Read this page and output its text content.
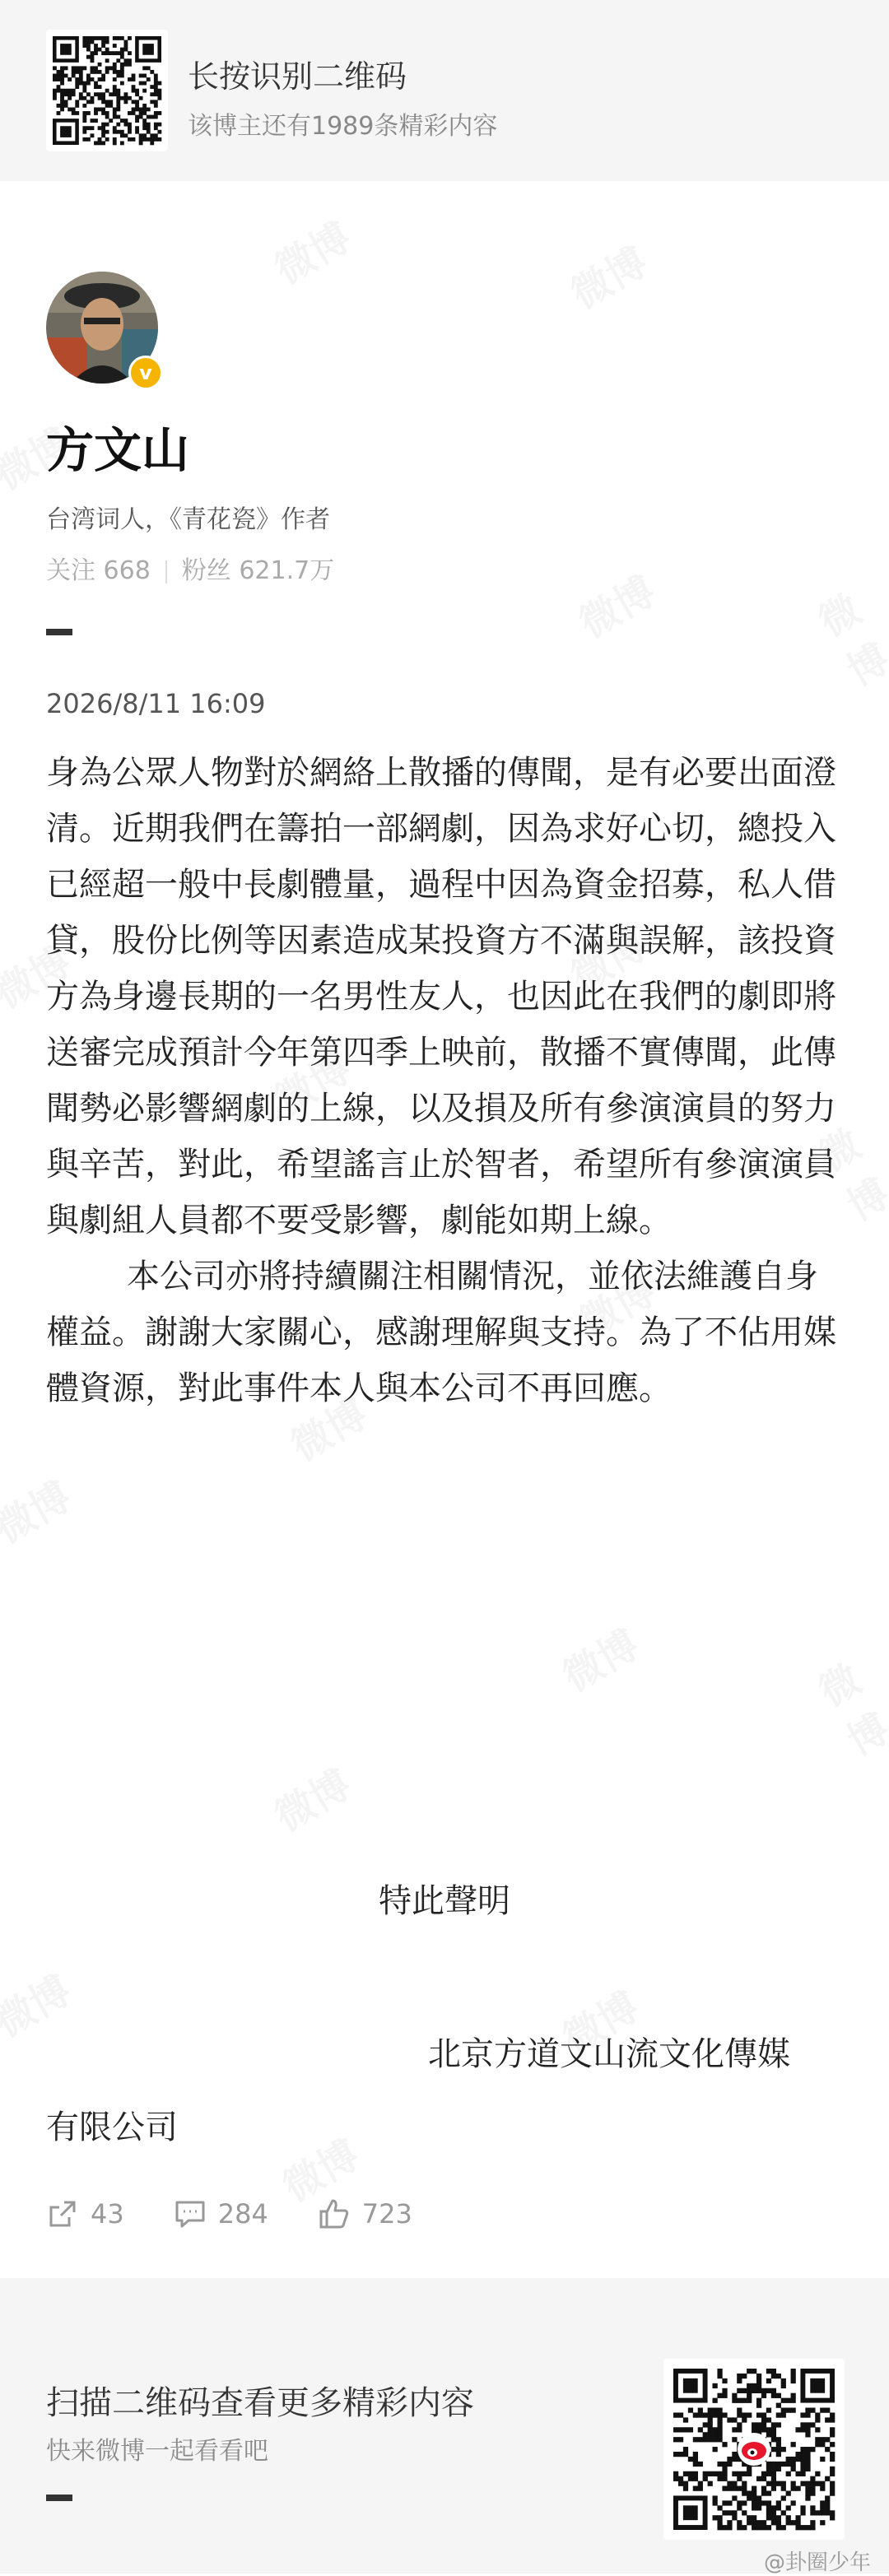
长按识别二维码
该博主还有1989条精彩内容
v
方文山
台湾词人，《青花瓷》作者
关注 668 粉丝 621.7万
2026/8/11 16:09

身為公眾人物對於網絡上散播的傳聞，是有必要出面澄清。近期我們在籌拍一部網劇，因為求好心切，總投入已經超一般中長劇體量，過程中因為資金招募，私人借貸，股份比例等因素造成某投資方不滿與誤解，該投資方為身邊長期的一名男性友人，也因此在我們的劇即將送審完成預計今年第四季上映前，散播不實傳聞，此傳聞勢必影響網劇的上線，以及損及所有參演演員的努力與辛苦，對此，希望謠言止於智者，希望所有參演演員與劇組人員都不要受影響，劇能如期上線。

本公司亦將持續關注相關情況，並依法維護自身權益。謝謝大家關心，感謝理解與支持。為了不佔用媒體資源，對此事件本人與本公司不再回應。

特此聲明
北京方道文山流文化傳媒
有限公司
43	284	723
扫描二维码查看更多精彩内容
快来微博一起看看吧
@卦圈少年
